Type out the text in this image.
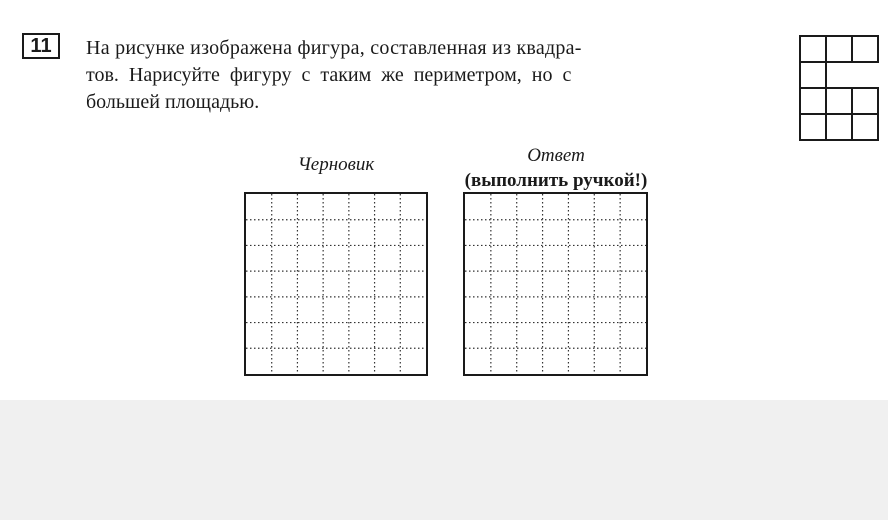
11	На рисунке изображена фигура, составленная из квадра-
тов. Нарисуйте фигуру с таким же периметром, но с
большей площадью.

Черновик	Ответ
(выполнить ручкой!)
